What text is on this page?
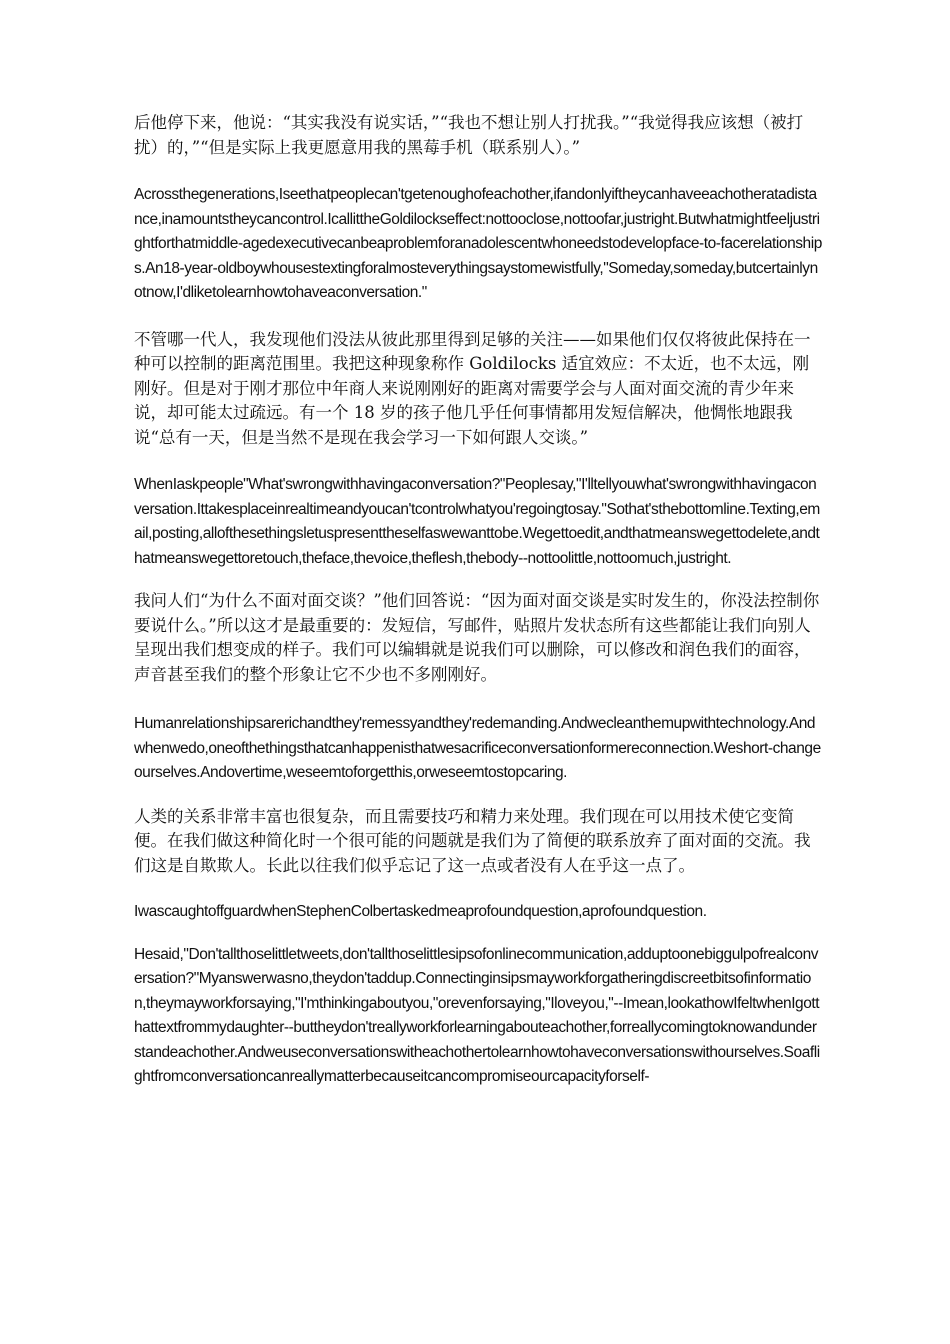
后他停下来，他说：“其实我没有说实话，”“我也不想让别人打扰我。”“我觉得我应该想（被打扰）的，”“但是实际上我更愿意用我的黑莓手机（联系别人）。”

Acrossthegenerations,Iseethatpeoplecan'tgetenoughofeachother,ifandonlyiftheycanhaveeachotheratadistance,inamountstheycancontrol.IcallittheGoldilockseffect:nottooclose,nottoofar,justright.Butwhatmightfeeljustrightforthatmiddle-agedexecutivecanbeaproblemforanadolescentwhoneedstodevelopface-to-facerelationships.An18-year-oldboywhousestextingforalmosteverythingsaystomewistfully,"Someday,someday,butcertainlynotnow,I'dliketolearnhowtohaveaconversation."

不管哪一代人，我发现他们没法从彼此那里得到足够的关注——如果他们仅仅将彼此保持在一种可以控制的距离范围里。我把这种现象称作 Goldilocks 适宜效应：不太近，也不太远，刚刚好。但是对于刚才那位中年商人来说刚刚好的距离对需要学会与人面对面交流的青少年来说，却可能太过疏远。有一个 18 岁的孩子他几乎任何事情都用发短信解决，他惆怅地跟我说“总有一天，但是当然不是现在我会学习一下如何跟人交谈。”

WhenIaskpeople"What'swrongwithhavingaconversation?"Peoplesay,"I'lltellyouwhat'swrongwithhavingaconversation.Ittakesplaceinrealtimeandyoucan'tcontrolwhatyou'regoingtosay."Sothat'sthebottomline.Texting,email,posting,allofthesethingsletuspresenttheselfaswewanttobe.Wegettoedit,andthatmeanswegettodelete,andthatmeanswegettoretouch,theface,thevoice,theflesh,thebody--nottoolittle,nottoomuch,justright.

我问人们“为什么不面对面交谈？”他们回答说：“因为面对面交谈是实时发生的，你没法控制你要说什么。”所以这才是最重要的：发短信，写邮件，贴照片发状态所有这些都能让我们向别人呈现出我们想变成的样子。我们可以编辑就是说我们可以删除，可以修改和润色我们的面容，声音甚至我们的整个形象让它不少也不多刚刚好。

Humanrelationshipsarerichandthey'remessyandthey'redemanding.Andwecleanthemupwithtechnology.Andwhenwedo,oneofthethingsthatcanhappenisthatwesacrificeconversationformereconnection.Weshort-changeourselves.Andovertime,weseemtoforgetthis,orweseemtostopcaring.

人类的关系非常丰富也很复杂，而且需要技巧和精力来处理。我们现在可以用技术使它变简便。在我们做这种简化时一个很可能的问题就是我们为了简便的联系放弃了面对面的交流。我们这是自欺欺人。长此以往我们似乎忘记了这一点或者没有人在乎这一点了。

IwascaughtoffguardwhenStephenColbertaskedmeaprofoundquestion,aprofoundquestion.

Hesaid,"Don'tallthoselittletweets,don'tallthoselittlesipsofonlinecommunication,adduptoonebiggulpofrealconversation?"Myanswerwasno,theydon'taddup.Connectinginsipsmayworkforgatheringdiscreetbitsofinformation,theymayworkforsaying,"I'mthinkingaboutyou,"orevenforsaying,"Iloveyou,"--Imean,lookathowIfeltwhenIgotthattextfrommydaughter--buttheydon'treallyworkforlearningabouteachother,forreallycomingtoknowandunderstandeachother.Andweuseconversationswitheachothertolearnhowtohaveconversationswithourselves.Soaflightfromconversationcanreallymatterbecauseitcancompromiseourcapacityforself-
